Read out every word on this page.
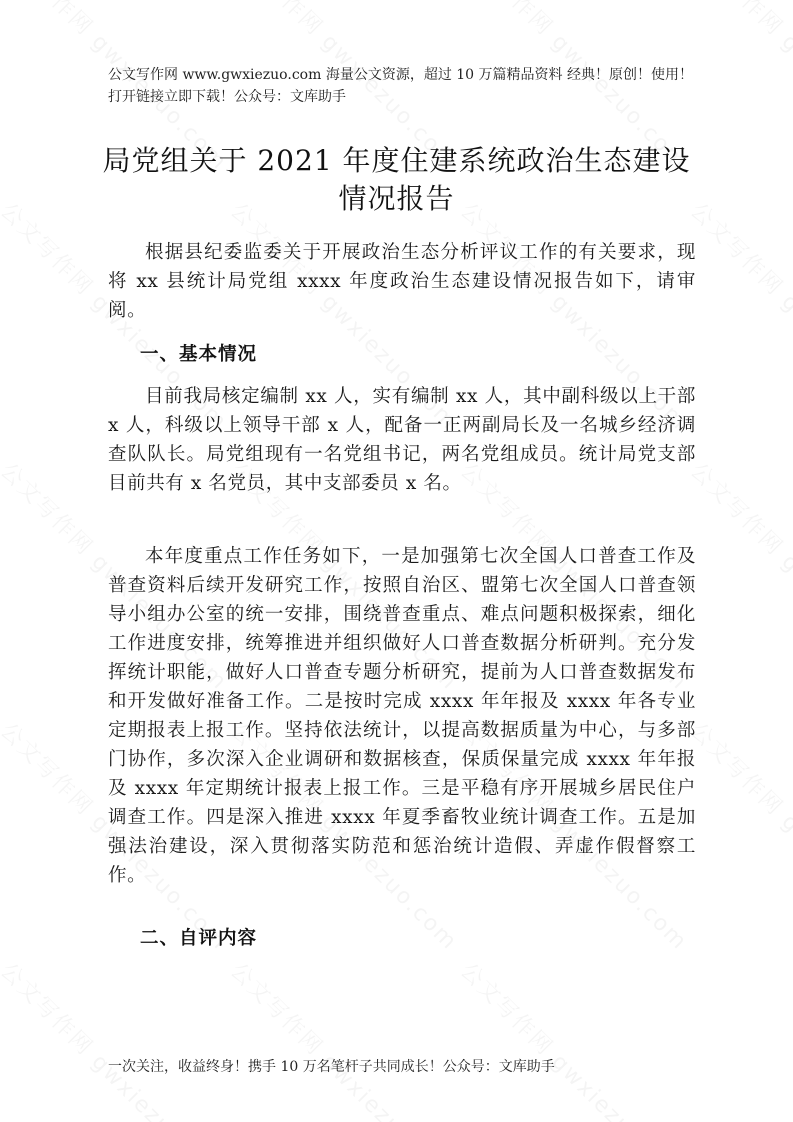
公文写作网 www.gwxiezuo.com 海量公文资源，超过 10 万篇精品资料 经典！原创！使用！打开链接立即下载！公众号：文库助手
局党组关于 2021 年度住建系统政治生态建设情况报告

根据县纪委监委关于开展政治生态分析评议工作的有关要求，现将 xx 县统计局党组 xxxx 年度政治生态建设情况报告如下，请审阅。

一、基本情况

目前我局核定编制 xx 人，实有编制 xx 人，其中副科级以上干部 x 人，科级以上领导干部 x 人，配备一正两副局长及一名城乡经济调查队队长。局党组现有一名党组书记，两名党组成员。统计局党支部目前共有 x 名党员，其中支部委员 x 名。

本年度重点工作任务如下，一是加强第七次全国人口普查工作及普查资料后续开发研究工作，按照自治区、盟第七次全国人口普查领导小组办公室的统一安排，围绕普查重点、难点问题积极探索，细化工作进度安排，统筹推进并组织做好人口普查数据分析研判。充分发挥统计职能，做好人口普查专题分析研究，提前为人口普查数据发布和开发做好准备工作。二是按时完成 xxxx 年年报及 xxxx 年各专业定期报表上报工作。坚持依法统计，以提高数据质量为中心，与多部门协作，多次深入企业调研和数据核查，保质保量完成 xxxx 年年报及 xxxx 年定期统计报表上报工作。三是平稳有序开展城乡居民住户调查工作。四是深入推进 xxxx 年夏季畜牧业统计调查工作。五是加强法治建设，深入贯彻落实防范和惩治统计造假、弄虚作假督察工作。

二、自评内容
一次关注，收益终身！携手 10 万名笔杆子共同成长！公众号：文库助手
